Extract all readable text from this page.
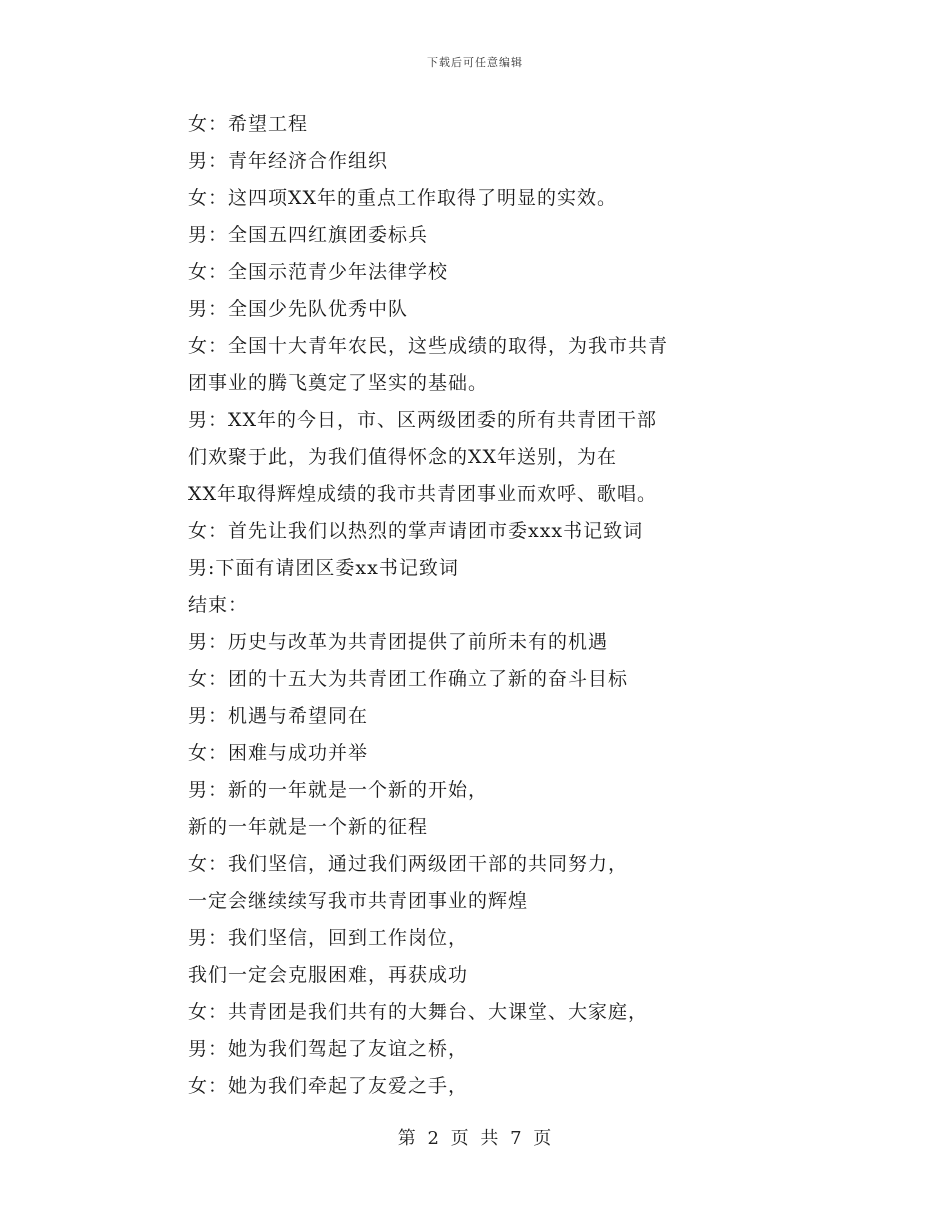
下载后可任意编辑
女：希望工程
男：青年经济合作组织
女：这四项XX年的重点工作取得了明显的实效。
男：全国五四红旗团委标兵
女：全国示范青少年法律学校
男：全国少先队优秀中队
女：全国十大青年农民，这些成绩的取得，为我市共青
团事业的腾飞奠定了坚实的基础。
男：XX年的今日，市、区两级团委的所有共青团干部
们欢聚于此，为我们值得怀念的XX年送别，为在
XX年取得辉煌成绩的我市共青团事业而欢呼、歌唱。
女：首先让我们以热烈的掌声请团市委xxx书记致词
男:下面有请团区委xx书记致词
结束：
男：历史与改革为共青团提供了前所未有的机遇
女：团的十五大为共青团工作确立了新的奋斗目标
男：机遇与希望同在
女：困难与成功并举
男：新的一年就是一个新的开始，
新的一年就是一个新的征程
女：我们坚信，通过我们两级团干部的共同努力，
一定会继续续写我市共青团事业的辉煌
男：我们坚信，回到工作岗位，
我们一定会克服困难，再获成功
女：共青团是我们共有的大舞台、大课堂、大家庭，
男：她为我们驾起了友谊之桥，
女：她为我们牵起了友爱之手，
第 2 页 共 7 页
